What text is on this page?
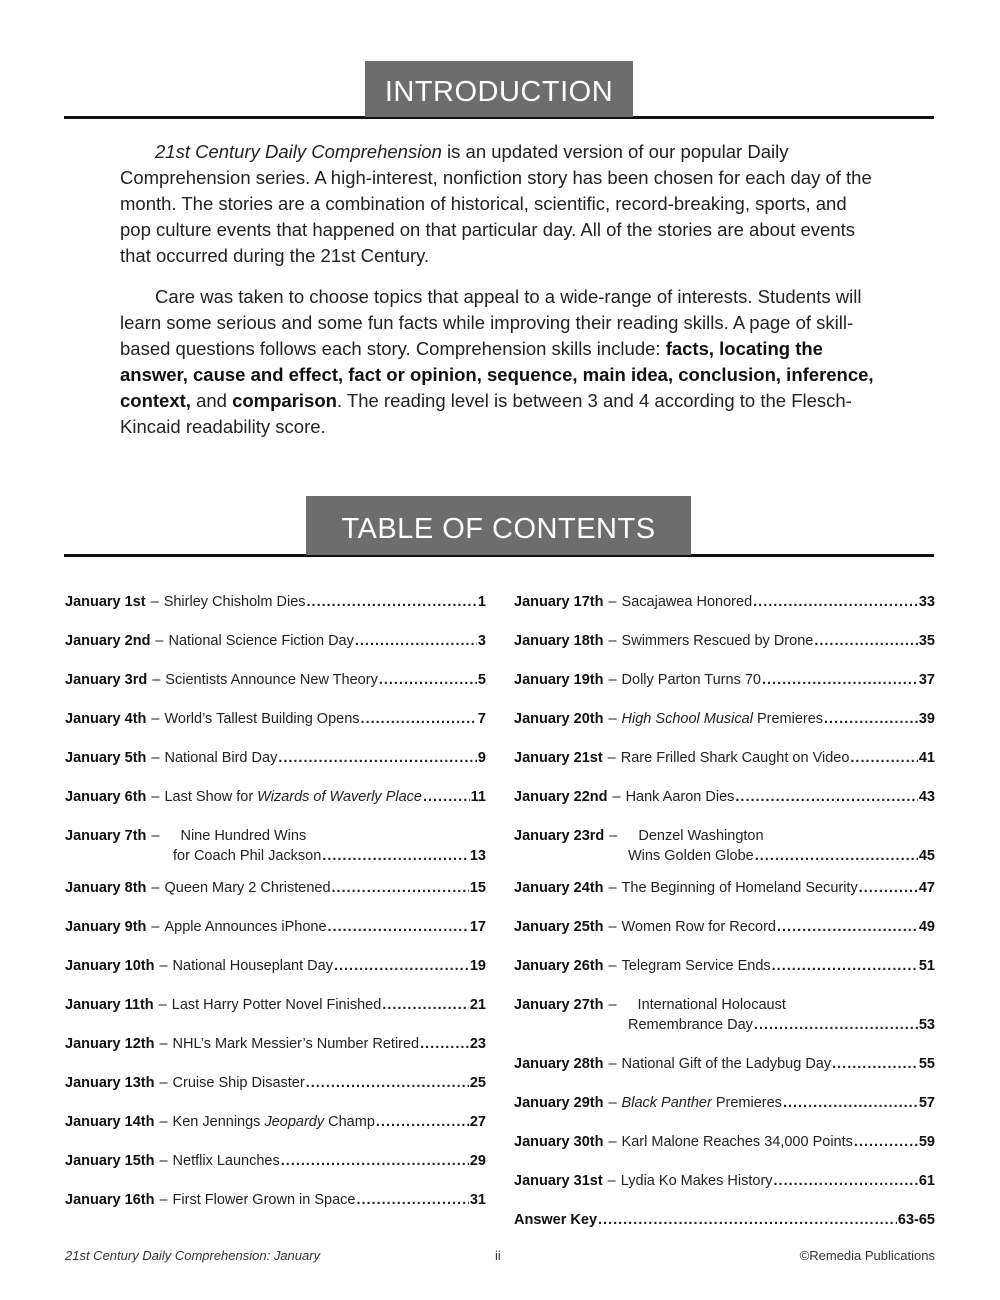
INTRODUCTION

21st Century Daily Comprehension is an updated version of our popular Daily Comprehension series. A high-interest, nonfiction story has been chosen for each day of the month. The stories are a combination of historical, scientific, record-breaking, sports, and pop culture events that happened on that particular day. All of the stories are about events that occurred during the 21st Century.

Care was taken to choose topics that appeal to a wide-range of interests. Students will learn some serious and some fun facts while improving their reading skills. A page of skill-based questions follows each story. Comprehension skills include: facts, locating the answer, cause and effect, fact or opinion, sequence, main idea, conclusion, inference, context, and comparison. The reading level is between 3 and 4 according to the Flesch-Kincaid readability score.

TABLE OF CONTENTS
January 1st – Shirley Chisholm Dies .....	1
January 2nd – National Science Fiction Day .....	3
January 3rd – Scientists Announce New Theory .....	5
January 4th – World’s Tallest Building Opens .....	7
January 5th – National Bird Day .....	9
January 6th – Last Show for Wizards of Waverly Place .....	11
January 7th – Nine Hundred Wins
for Coach Phil Jackson .....	13
January 8th – Queen Mary 2 Christened .....	15
January 9th – Apple Announces iPhone .....	17
January 10th – National Houseplant Day .....	19
January 11th – Last Harry Potter Novel Finished .....	21
January 12th – NHL’s Mark Messier’s Number Retired .....	23
January 13th – Cruise Ship Disaster .....	25
January 14th – Ken Jennings Jeopardy Champ .....	27
January 15th – Netflix Launches .....	29
January 16th – First Flower Grown in Space .....	31
January 17th – Sacajawea Honored .....	33
January 18th – Swimmers Rescued by Drone .....	35
January 19th – Dolly Parton Turns 70 .....	37
January 20th – High School Musical Premieres .....	39
January 21st – Rare Frilled Shark Caught on Video .....	41
January 22nd – Hank Aaron Dies .....	43
January 23rd – Denzel Washington
Wins Golden Globe .....	45
January 24th – The Beginning of Homeland Security .....	47
January 25th – Women Row for Record .....	49
January 26th – Telegram Service Ends .....	51
January 27th – International Holocaust
Remembrance Day .....	53
January 28th – National Gift of the Ladybug Day .....	55
January 29th – Black Panther Premieres .....	57
January 30th – Karl Malone Reaches 34,000 Points .....	59
January 31st – Lydia Ko Makes History .....	61
Answer Key .....	63-65
21st Century Daily Comprehension: January	ii	©Remedia Publications
